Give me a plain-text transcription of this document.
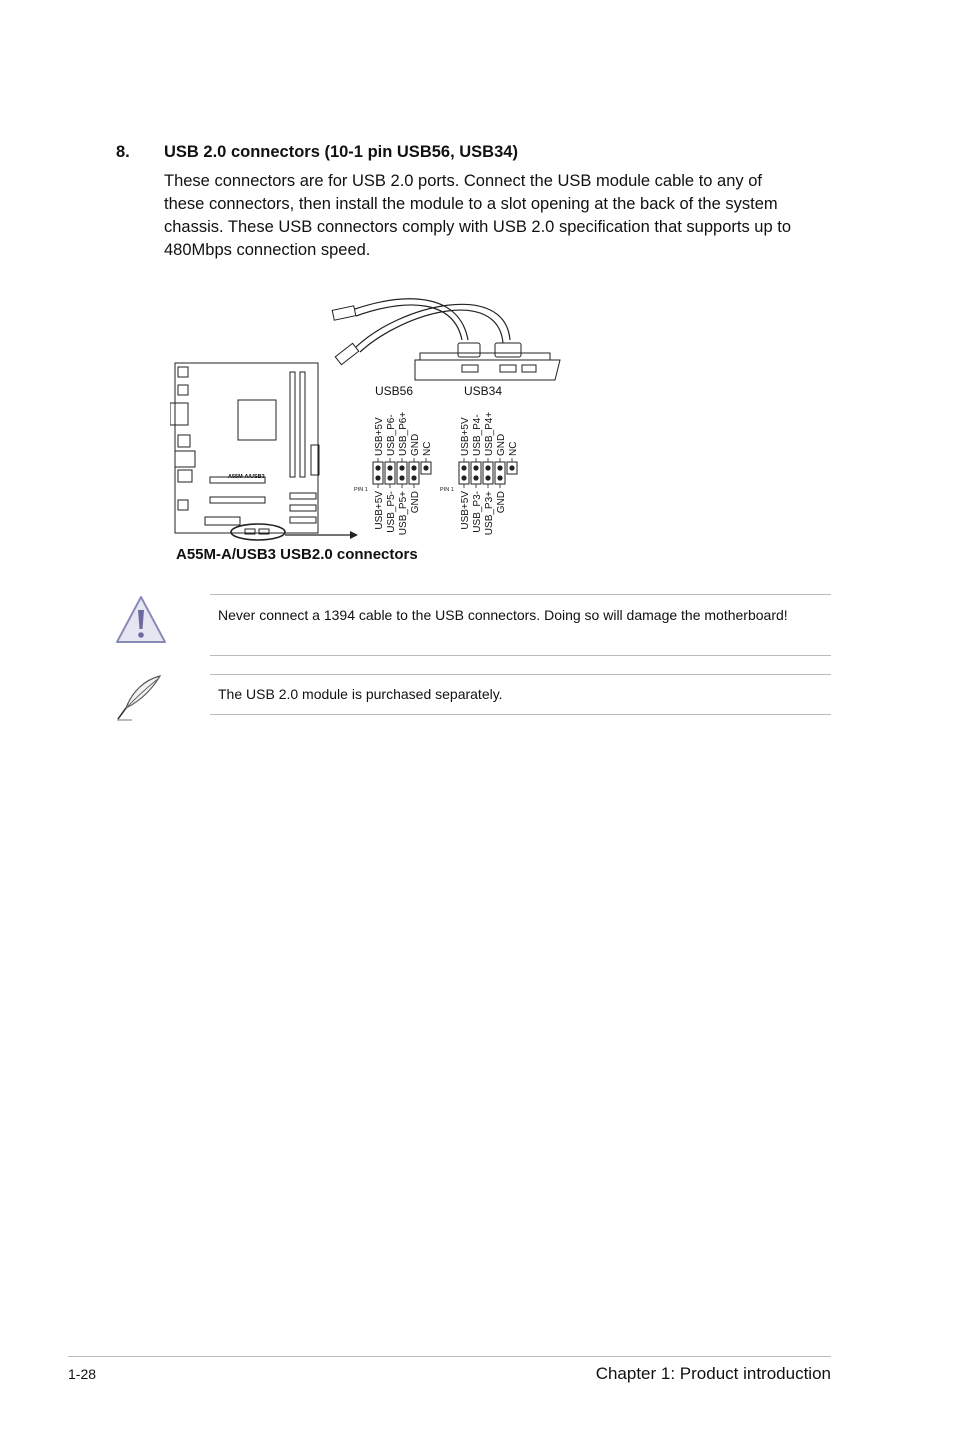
8. USB 2.0 connectors (10-1 pin USB56, USB34)
These connectors are for USB 2.0 ports. Connect the USB module cable to any of
these connectors, then install the module to a slot opening at the back of the system
chassis. These USB connectors comply with USB 2.0 specification that supports up to
480Mbps connection speed.
A55M-A/USB3
USB56
PIN 1
USB+5V USB_P6- USB_P6+ GND NC
USB+5V USB_P5- USB_P5+ GND
USB34
PIN 1
USB+5V USB_P4- USB_P4+ GND NC
USB+5V USB_P3- USB_P3+ GND
A55M-A/USB3 USB2.0 connectors
Never connect a 1394 cable to the USB connectors. Doing so will damage the motherboard!
The USB 2.0 module is purchased separately.
1-28	Chapter 1: Product introduction
